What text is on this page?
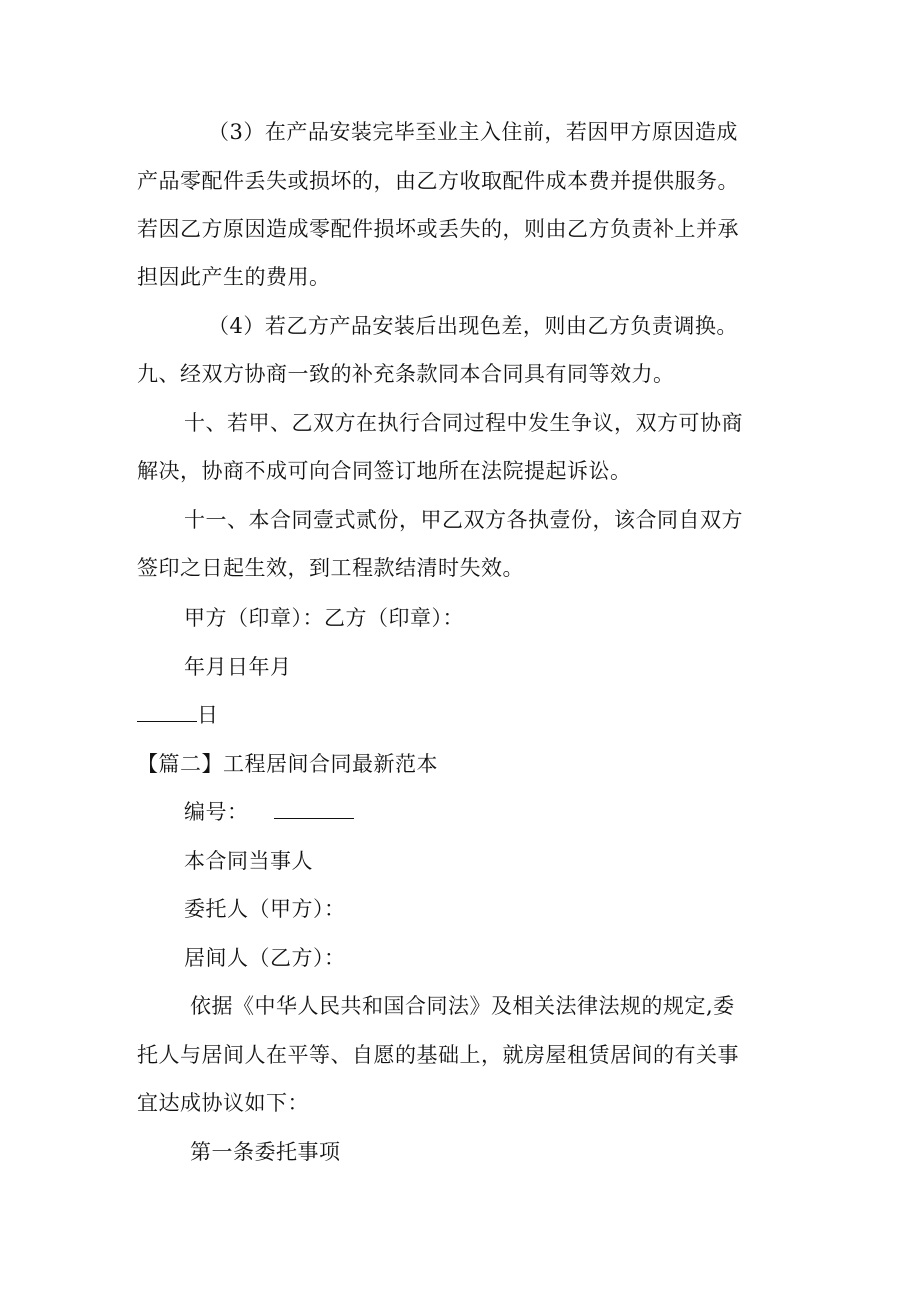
（3）在产品安装完毕至业主入住前，若因甲方原因造成
产品零配件丢失或损坏的，由乙方收取配件成本费并提供服务。
若因乙方原因造成零配件损坏或丢失的，则由乙方负责补上并承
担因此产生的费用。
（4）若乙方产品安装后出现色差，则由乙方负责调换。
九、经双方协商一致的补充条款同本合同具有同等效力。
十、若甲、乙双方在执行合同过程中发生争议，双方可协商
解决，协商不成可向合同签订地所在法院提起诉讼。
十一、本合同壹式贰份，甲乙双方各执壹份，该合同自双方
签印之日起生效，到工程款结清时失效。
甲方（印章）：乙方（印章）：
年月日年月
日
【篇二】工程居间合同最新范本
编号：
本合同当事人
委托人（甲方）：
居间人（乙方）：
依据《中华人民共和国合同法》及相关法律法规的规定,委
托人与居间人在平等、自愿的基础上，就房屋租赁居间的有关事
宜达成协议如下：
第一条委托事项
